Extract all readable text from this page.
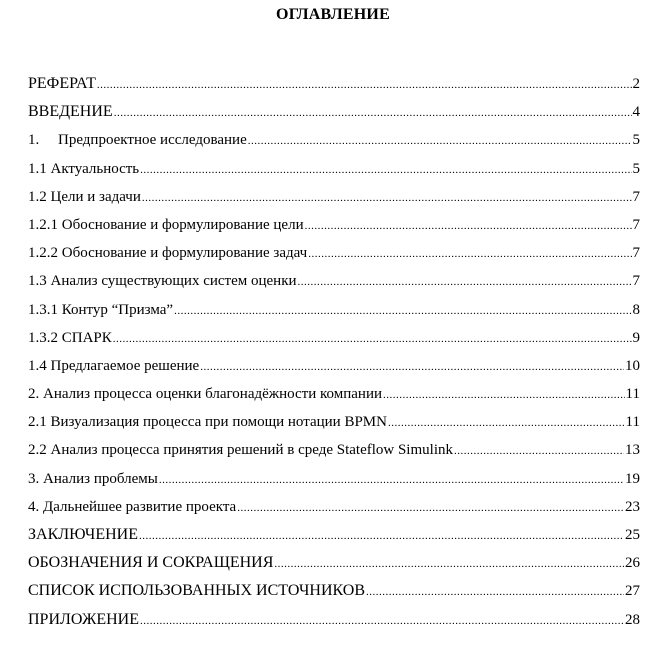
ОГЛАВЛЕНИЕ
РЕФЕРАТ .....	2
ВВЕДЕНИЕ .....	4
1.	Предпроектное исследование .....	5
1.1 Актуальность .....	5
1.2 Цели и задачи .....	7
1.2.1 Обоснование и формулирование цели .....	7
1.2.2 Обоснование и формулирование задач .....	7
1.3 Анализ существующих систем оценки .....	7
1.3.1 Контур “Призма” .....	8
1.3.2 СПАРК .....	9
1.4 Предлагаемое решение .....	10
2. Анализ процесса оценки благонадёжности компании .....	11
2.1 Визуализация процесса при помощи нотации BPMN .....	11
2.2 Анализ процесса принятия решений в среде Stateflow Simulink .....	13
3. Анализ проблемы .....	19
4. Дальнейшее развитие проекта .....	23
ЗАКЛЮЧЕНИЕ .....	25
ОБОЗНАЧЕНИЯ И СОКРАЩЕНИЯ .....	26
СПИСОК ИСПОЛЬЗОВАННЫХ ИСТОЧНИКОВ .....	27
ПРИЛОЖЕНИЕ .....	28
